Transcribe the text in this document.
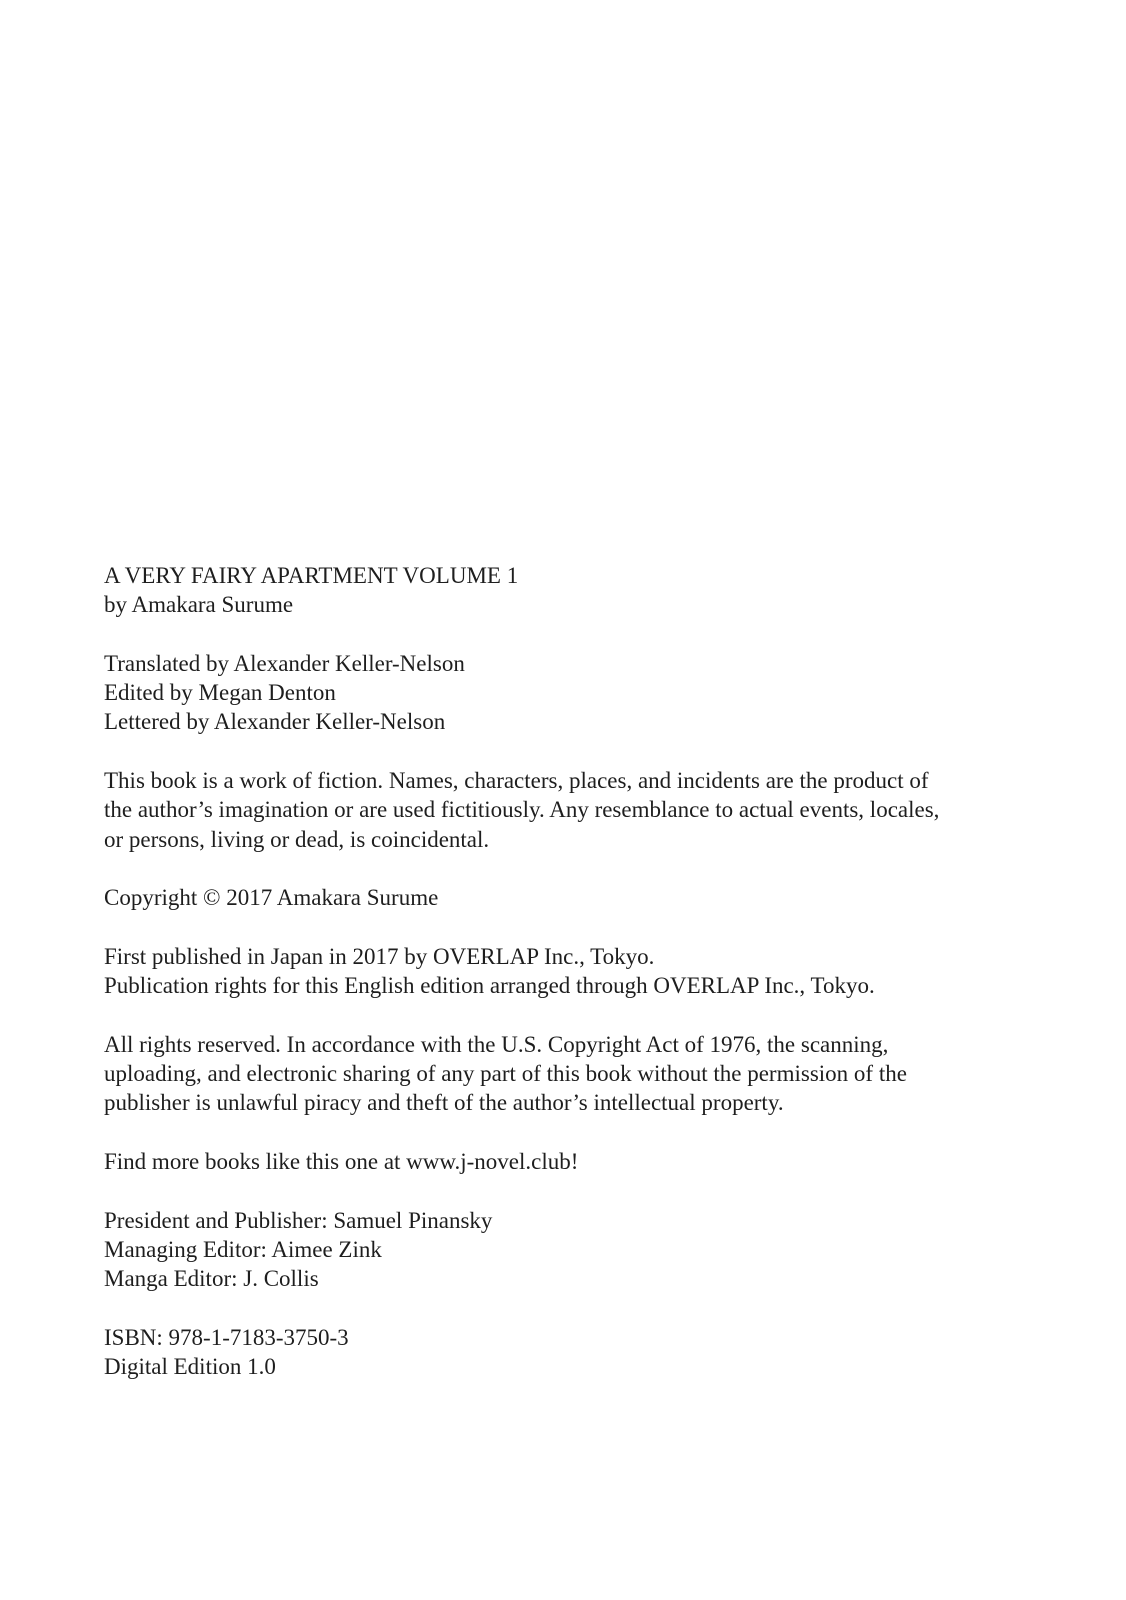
A VERY FAIRY APARTMENT VOLUME 1
by Amakara Surume
Translated by Alexander Keller-Nelson
Edited by Megan Denton
Lettered by Alexander Keller-Nelson
This book is a work of fiction. Names, characters, places, and incidents are the product of
the author’s imagination or are used fictitiously. Any resemblance to actual events, locales,
or persons, living or dead, is coincidental.
Copyright © 2017 Amakara Surume
First published in Japan in 2017 by OVERLAP Inc., Tokyo.
Publication rights for this English edition arranged through OVERLAP Inc., Tokyo.
All rights reserved. In accordance with the U.S. Copyright Act of 1976, the scanning,
uploading, and electronic sharing of any part of this book without the permission of the
publisher is unlawful piracy and theft of the author’s intellectual property.
Find more books like this one at www.j-novel.club!
President and Publisher: Samuel Pinansky
Managing Editor: Aimee Zink
Manga Editor: J. Collis
ISBN: 978-1-7183-3750-3
Digital Edition 1.0
